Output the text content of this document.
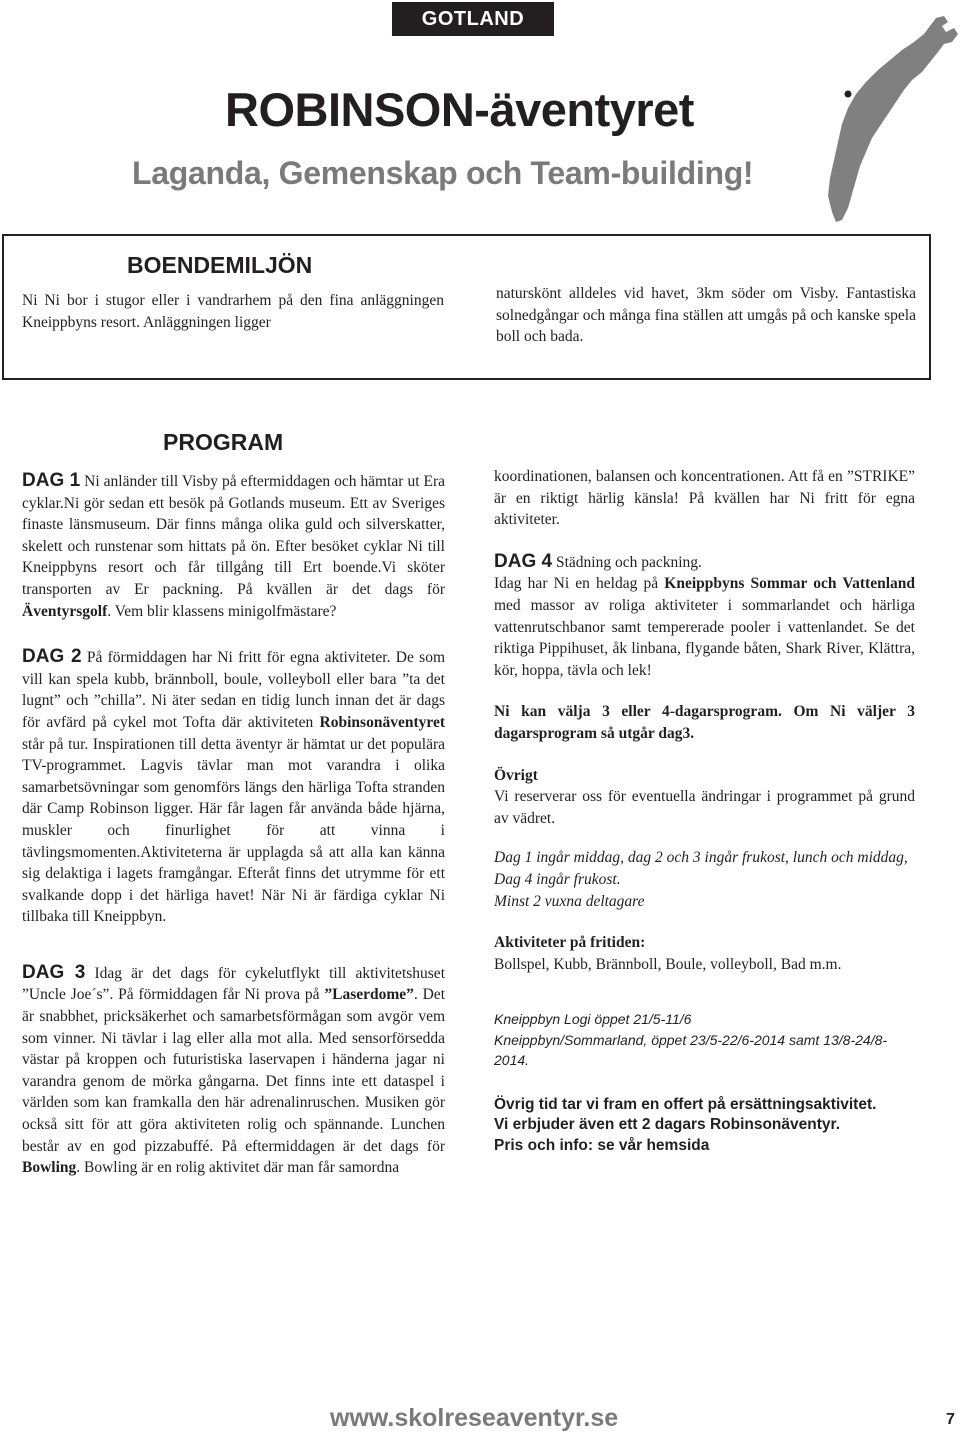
GOTLAND
ROBINSON-äventyret
Laganda, Gemenskap och Team-building!
BOENDEMILJÖN

Ni Ni bor i stugor eller i vandrarhem på den fina anläggningen Kneippbyns resort. Anläggningen ligger

naturskönt alldeles vid havet, 3km söder om Visby. Fantastiska solnedgångar och många fina ställen att umgås på och kanske spela boll och bada.

PROGRAM

DAG 1 Ni anländer till Visby på eftermiddagen och hämtar ut Era cyklar.Ni gör sedan ett besök på Gotlands museum. Ett av Sveriges finaste länsmuseum. Där finns många olika guld och silverskatter, skelett och runstenar som hittats på ön. Efter besöket cyklar Ni till Kneippbyns resort och får tillgång till Ert boende.Vi sköter transporten av Er packning. På kvällen är det dags för Äventyrsgolf. Vem blir klassens minigolfmästare?

DAG 2 På förmiddagen har Ni fritt för egna aktiviteter. De som vill kan spela kubb, brännboll, boule, volleyboll eller bara ”ta det lugnt” och ”chilla”. Ni äter sedan en tidig lunch innan det är dags för avfärd på cykel mot Tofta där aktiviteten Robinsonäventyret står på tur. Inspirationen till detta äventyr är hämtat ur det populära TV-programmet. Lagvis tävlar man mot varandra i olika samarbetsövningar som genomförs längs den härliga Tofta stranden där Camp Robinson ligger. Här får lagen får använda både hjärna, muskler och finurlighet för att vinna i tävlingsmomenten.Aktiviteterna är upplagda så att alla kan känna sig delaktiga i lagets framgångar. Efteråt finns det utrymme för ett svalkande dopp i det härliga havet! När Ni är färdiga cyklar Ni tillbaka till Kneippbyn.

DAG 3 Idag är det dags för cykelutflykt till aktivitetshuset ”Uncle Joe´s”. På förmiddagen får Ni prova på ”Laserdome”. Det är snabbhet, pricksäkerhet och samarbetsförmågan som avgör vem som vinner. Ni tävlar i lag eller alla mot alla. Med sensorförsedda västar på kroppen och futuristiska laservapen i händerna jagar ni varandra genom de mörka gångarna. Det finns inte ett dataspel i världen som kan framkalla den här adrenalinruschen. Musiken gör också sitt för att göra aktiviteten rolig och spännande. Lunchen består av en god pizzabuffé. På eftermiddagen är det dags för Bowling. Bowling är en rolig aktivitet där man får samordna

koordinationen, balansen och koncentrationen. Att få en ”STRIKE” är en riktigt härlig känsla! På kvällen har Ni fritt för egna aktiviteter.

DAG 4 Städning och packning.
Idag har Ni en heldag på Kneippbyns Sommar och Vattenland med massor av roliga aktiviteter i sommarlandet och härliga vattenrutschbanor samt tempererade pooler i vattenlandet. Se det riktiga Pippihuset, åk linbana, flygande båten, Shark River, Klättra, kör, hoppa, tävla och lek!

Ni kan välja 3 eller 4-dagarsprogram. Om Ni väljer 3 dagarsprogram så utgår dag3.

Övrigt

Vi reserverar oss för eventuella ändringar i programmet på grund av vädret.

Dag 1 ingår middag, dag 2 och 3 ingår frukost, lunch och middag, Dag 4 ingår frukost.

Minst 2 vuxna deltagare

Aktiviteter på fritiden:

Bollspel, Kubb, Brännboll, Boule, volleyboll, Bad m.m.

Kneippbyn Logi öppet 21/5-11/6

Kneippbyn/Sommarland, öppet 23/5-22/6-2014 samt 13/8-24/8-2014.

Övrig tid tar vi fram en offert på ersättningsaktivitet.

Vi erbjuder även ett 2 dagars Robinsonäventyr.

Pris och info: se vår hemsida

www.skolreseaventyr.se	7
